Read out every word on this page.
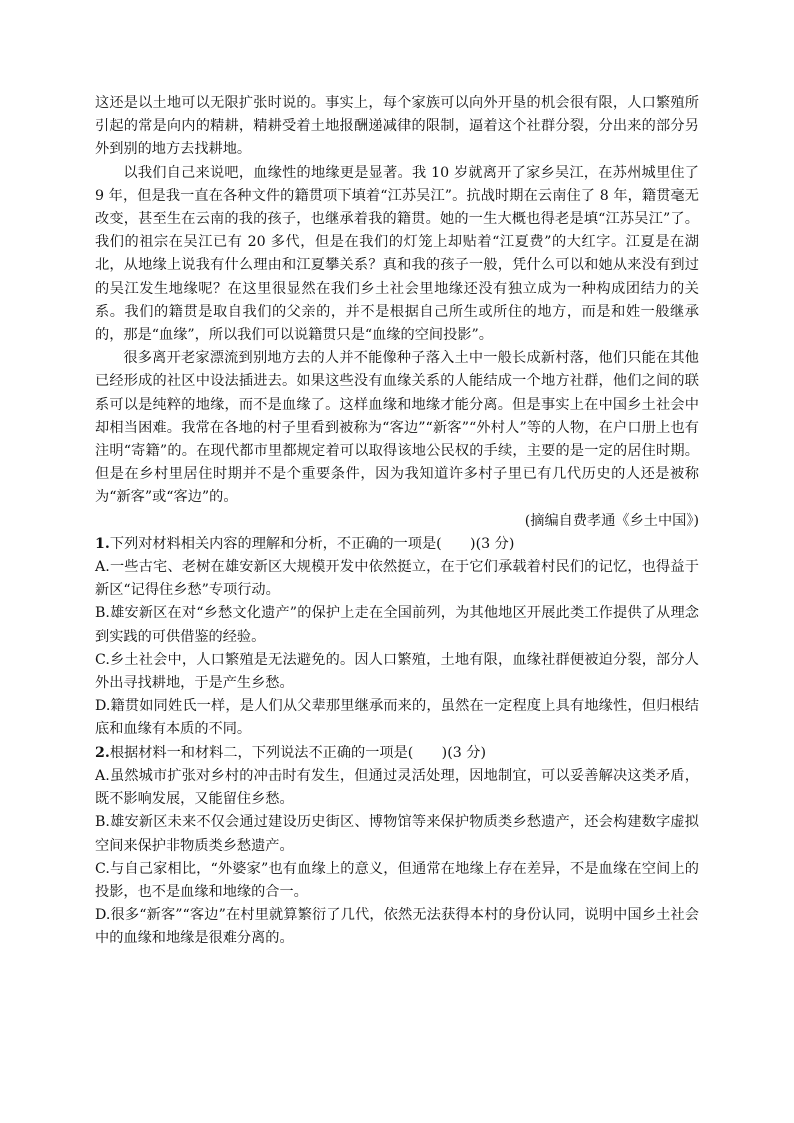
这还是以土地可以无限扩张时说的。事实上，每个家族可以向外开垦的机会很有限，人口繁殖所引起的常是向内的精耕，精耕受着土地报酬递减律的限制，逼着这个社群分裂，分出来的部分另外到别的地方去找耕地。

以我们自己来说吧，血缘性的地缘更是显著。我 10 岁就离开了家乡吴江，在苏州城里住了 9 年，但是我一直在各种文件的籍贯项下填着“江苏吴江”。抗战时期在云南住了 8 年，籍贯毫无改变，甚至生在云南的我的孩子，也继承着我的籍贯。她的一生大概也得老是填“江苏吴江”了。我们的祖宗在吴江已有 20 多代，但是在我们的灯笼上却贴着“江夏费”的大红字。江夏是在湖北，从地缘上说我有什么理由和江夏攀关系？真和我的孩子一般，凭什么可以和她从来没有到过的吴江发生地缘呢？在这里很显然在我们乡土社会里地缘还没有独立成为一种构成团结力的关系。我们的籍贯是取自我们的父亲的，并不是根据自己所生或所住的地方，而是和姓一般继承的，那是“血缘”，所以我们可以说籍贯只是“血缘的空间投影”。

很多离开老家漂流到别地方去的人并不能像种子落入土中一般长成新村落，他们只能在其他已经形成的社区中设法插进去。如果这些没有血缘关系的人能结成一个地方社群，他们之间的联系可以是纯粹的地缘，而不是血缘了。这样血缘和地缘才能分离。但是事实上在中国乡土社会中却相当困难。我常在各地的村子里看到被称为“客边”“新客”“外村人”等的人物，在户口册上也有注明“寄籍”的。在现代都市里都规定着可以取得该地公民权的手续，主要的是一定的居住时期。但是在乡村里居住时期并不是个重要条件，因为我知道许多村子里已有几代历史的人还是被称为“新客”或“客边”的。

(摘编自费孝通《乡土中国》)

1.下列对材料相关内容的理解和分析，不正确的一项是(　　)(3 分)

A.一些古宅、老树在雄安新区大规模开发中依然挺立，在于它们承载着村民们的记忆，也得益于新区“记得住乡愁”专项行动。

B.雄安新区在对“乡愁文化遗产”的保护上走在全国前列，为其他地区开展此类工作提供了从理念到实践的可供借鉴的经验。

C.乡土社会中，人口繁殖是无法避免的。因人口繁殖，土地有限，血缘社群便被迫分裂，部分人外出寻找耕地，于是产生乡愁。

D.籍贯如同姓氏一样，是人们从父辈那里继承而来的，虽然在一定程度上具有地缘性，但归根结底和血缘有本质的不同。

2.根据材料一和材料二，下列说法不正确的一项是(　　)(3 分)

A.虽然城市扩张对乡村的冲击时有发生，但通过灵活处理，因地制宜，可以妥善解决这类矛盾，既不影响发展，又能留住乡愁。

B.雄安新区未来不仅会通过建设历史街区、博物馆等来保护物质类乡愁遗产，还会构建数字虚拟空间来保护非物质类乡愁遗产。

C.与自己家相比，“外婆家”也有血缘上的意义，但通常在地缘上存在差异，不是血缘在空间上的投影，也不是血缘和地缘的合一。

D.很多“新客”“客边”在村里就算繁衍了几代，依然无法获得本村的身份认同，说明中国乡土社会中的血缘和地缘是很难分离的。
